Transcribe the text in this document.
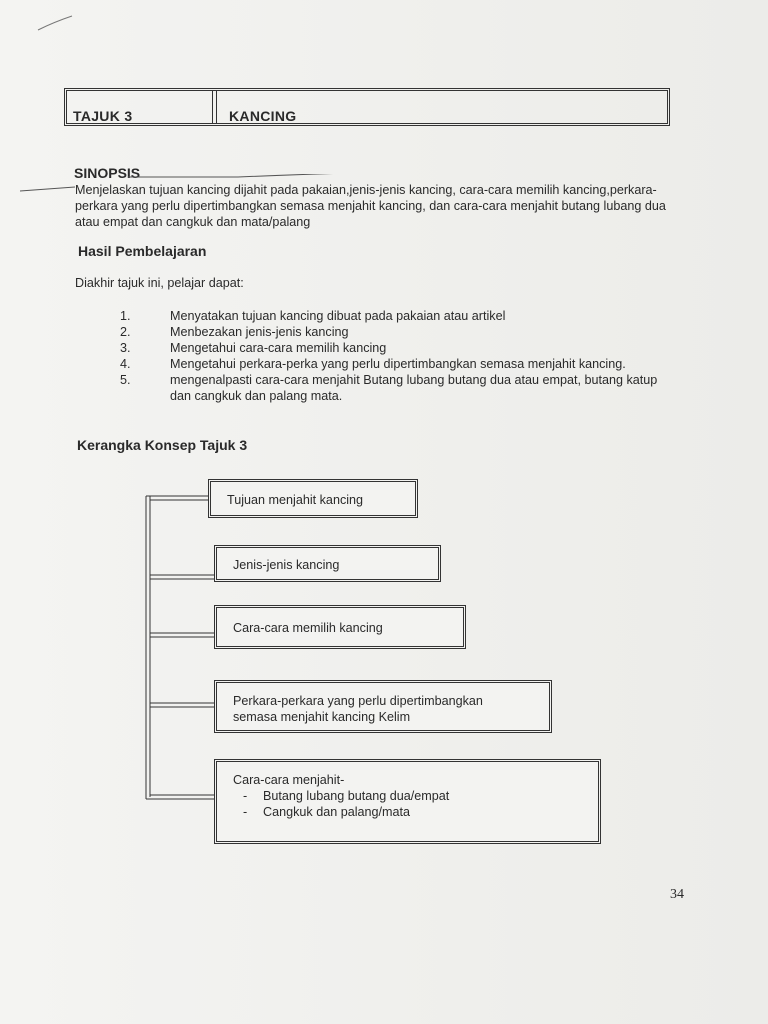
TAJUK 3	KANCING
SINOPSIS
Menjelaskan tujuan kancing dijahit pada pakaian,jenis-jenis kancing, cara-cara memilih kancing,perkara-perkara yang perlu dipertimbangkan semasa menjahit kancing, dan cara-cara menjahit butang lubang dua atau empat dan cangkuk dan mata/palang
Hasil Pembelajaran
Diakhir tajuk ini, pelajar dapat:
1.	Menyatakan tujuan kancing dibuat pada pakaian atau artikel
2.	Menbezakan jenis-jenis kancing
3.	Mengetahui cara-cara memilih kancing
4.	Mengetahui perkara-perka yang perlu dipertimbangkan semasa menjahit kancing.
5.	mengenalpasti cara-cara menjahit Butang lubang butang dua atau empat, butang katup dan cangkuk dan palang mata.
Kerangka Konsep Tajuk 3
Tujuan menjahit kancing
Jenis-jenis kancing
Cara-cara memilih kancing
Perkara-perkara yang perlu dipertimbangkan
semasa menjahit kancing Kelim
Cara-cara menjahit-
-	Butang lubang butang dua/empat
-	Cangkuk dan palang/mata
34
